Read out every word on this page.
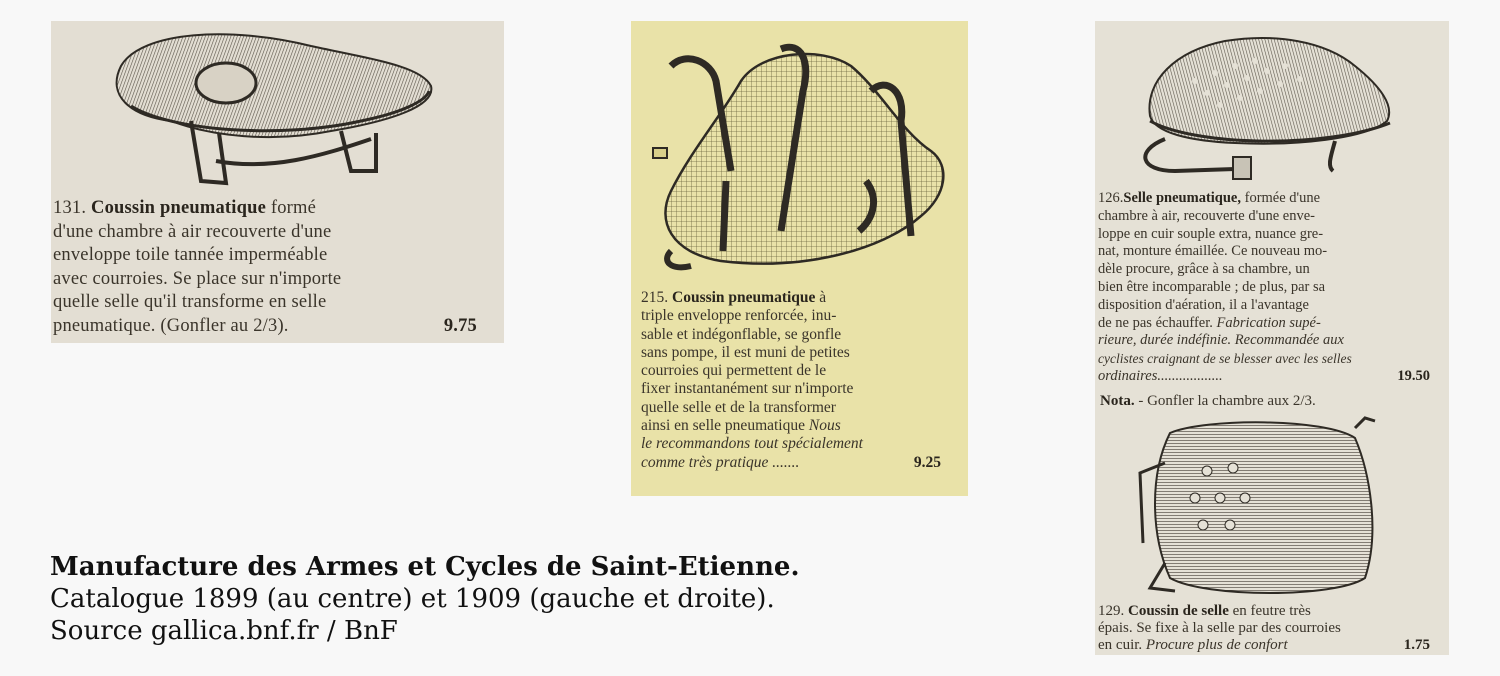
131. Coussin pneumatique formé
d'une chambre à air recouverte d'une
enveloppe toile tannée imperméable
avec courroies. Se place sur n'importe
quelle selle qu'il transforme en selle
pneumatique. (Gonfler au 2/3).	9.75
215. Coussin pneumatique à
triple enveloppe renforcée, inu-
sable et indégonflable, se gonfle
sans pompe, il est muni de petites
courroies qui permettent de le
fixer instantanément sur n'importe
quelle selle et de la transformer
ainsi en selle pneumatique Nous
le recommandons tout spécialement
comme très pratique .......	9.25
126.Selle pneumatique, formée d'une
chambre à air, recouverte d'une enve-
loppe en cuir souple extra, nuance gre-
nat, monture émaillée. Ce nouveau mo-
dèle procure, grâce à sa chambre, un
bien être incomparable ; de plus, par sa
disposition d'aération, il a l'avantage
de ne pas échauffer. Fabrication supé-
rieure, durée indéfinie. Recommandée aux
cyclistes craignant de se blesser avec les selles
ordinaires..................	19.50
Nota. - Gonfler la chambre aux 2/3.
129. Coussin de selle en feutre très
épais. Se fixe à la selle par des courroies
en cuir. Procure plus de confort	1.75
Manufacture des Armes et Cycles de Saint-Etienne.
Catalogue 1899 (au centre) et 1909 (gauche et droite).
Source gallica.bnf.fr / BnF
